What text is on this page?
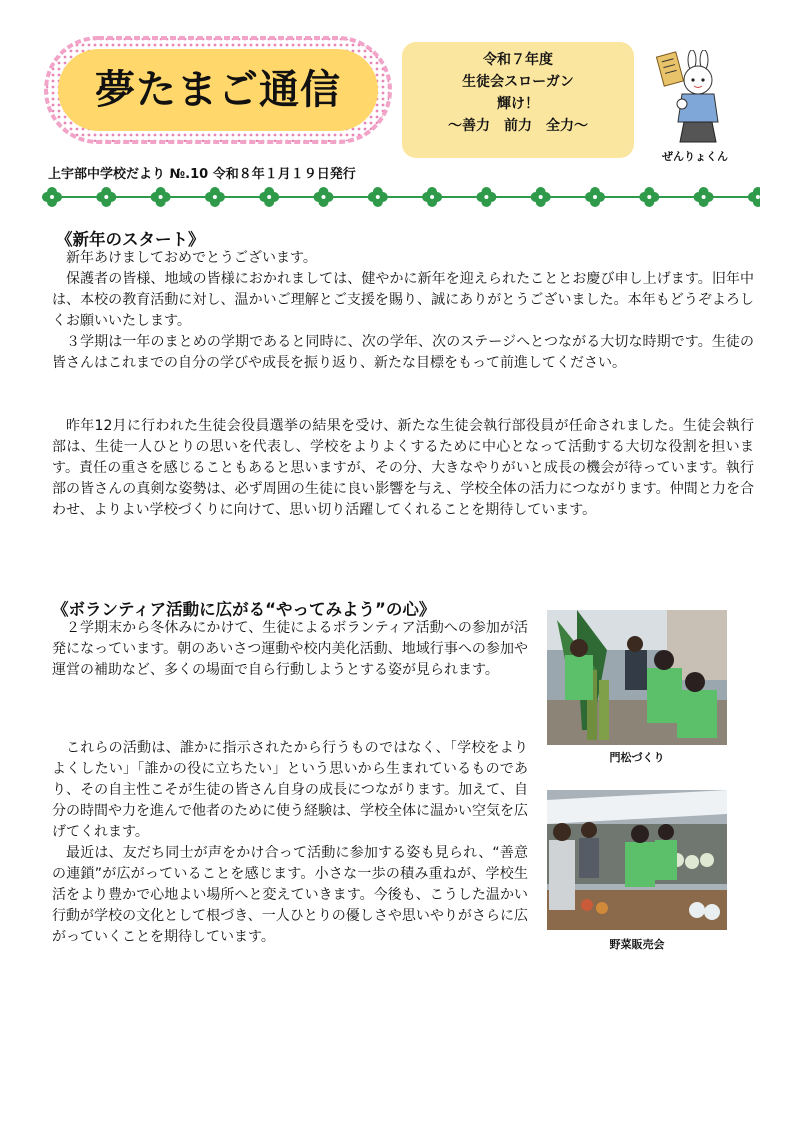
夢たまご通信
令和７年度
生徒会スローガン
輝け！
～善力　前力　全力～
ぜんりょくん
上宇部中学校だより №.10 令和８年１月１９日発行
《新年のスタート》

新年あけましておめでとうございます。

保護者の皆様、地域の皆様におかれましては、健やかに新年を迎えられたこととお慶び申し上げます。旧年中は、本校の教育活動に対し、温かいご理解とご支援を賜り、誠にありがとうございました。本年もどうぞよろしくお願いいたします。

３学期は一年のまとめの学期であると同時に、次の学年、次のステージへとつながる大切な時期です。生徒の皆さんはこれまでの自分の学びや成長を振り返り、新たな目標をもって前進してください。

昨年12月に行われた生徒会役員選挙の結果を受け、新たな生徒会執行部役員が任命されました。生徒会執行部は、生徒一人ひとりの思いを代表し、学校をよりよくするために中心となって活動する大切な役割を担います。責任の重さを感じることもあると思いますが、その分、大きなやりがいと成長の機会が待っています。執行部の皆さんの真剣な姿勢は、必ず周囲の生徒に良い影響を与え、学校全体の活力につながります。仲間と力を合わせ、よりよい学校づくりに向けて、思い切り活躍してくれることを期待しています。

《ボランティア活動に広がる“やってみよう”の心》

２学期末から冬休みにかけて、生徒によるボランティア活動への参加が活発になっています。朝のあいさつ運動や校内美化活動、地域行事への参加や運営の補助など、多くの場面で自ら行動しようとする姿が見られます。

これらの活動は、誰かに指示されたから行うものではなく、「学校をよりよくしたい」「誰かの役に立ちたい」という思いから生まれているものであり、その自主性こそが生徒の皆さん自身の成長につながります。加えて、自分の時間や力を進んで他者のために使う経験は、学校全体に温かい空気を広げてくれます。

最近は、友だち同士が声をかけ合って活動に参加する姿も見られ、“善意の連鎖”が広がっていることを感じます。小さな一歩の積み重ねが、学校生活をより豊かで心地よい場所へと変えていきます。今後も、こうした温かい行動が学校の文化として根づき、一人ひとりの優しさや思いやりがさらに広がっていくことを期待しています。

門松づくり
野菜販売会
